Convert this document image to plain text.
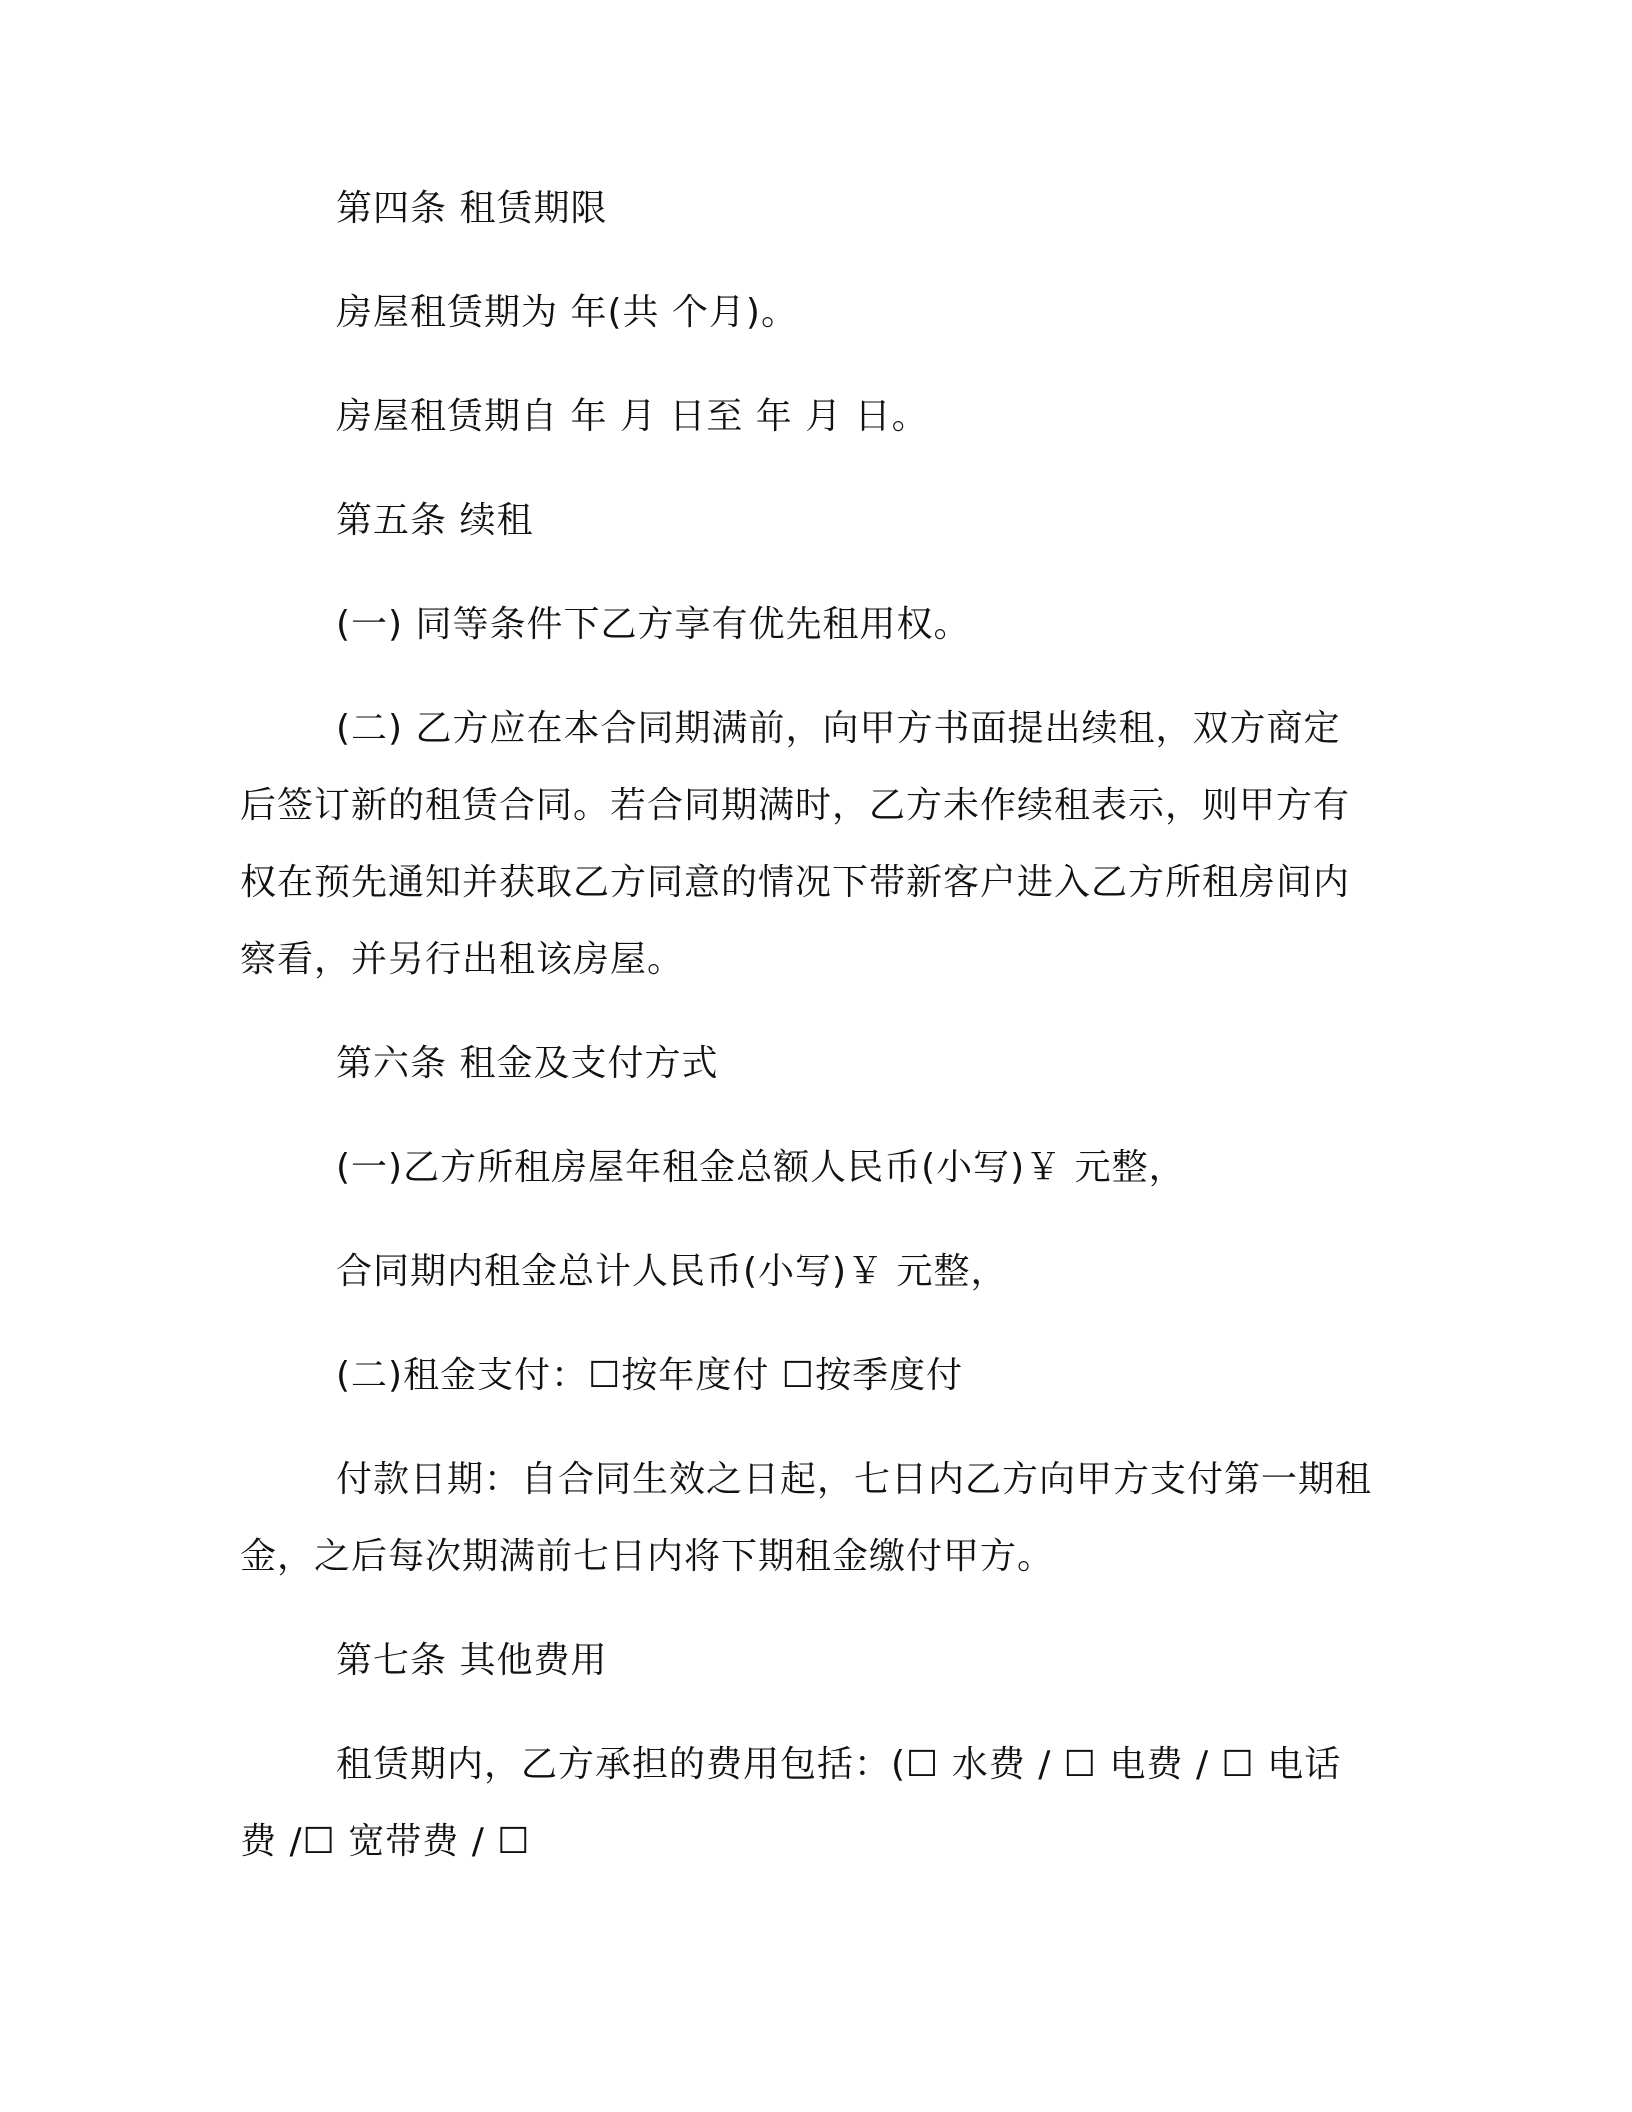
第四条 租赁期限

房屋租赁期为 年(共 个月)。

房屋租赁期自 年 月 日至 年 月 日。

第五条 续租

(一) 同等条件下乙方享有优先租用权。

(二) 乙方应在本合同期满前，向甲方书面提出续租，双方商定后签订新的租赁合同。若合同期满时，乙方未作续租表示，则甲方有权在预先通知并获取乙方同意的情况下带新客户进入乙方所租房间内察看，并另行出租该房屋。

第六条 租金及支付方式

(一)乙方所租房屋年租金总额人民币(小写)￥ 元整，

合同期内租金总计人民币(小写)￥ 元整，

(二)租金支付：☐按年度付 ☐按季度付

付款日期：自合同生效之日起，七日内乙方向甲方支付第一期租金，之后每次期满前七日内将下期租金缴付甲方。

第七条 其他费用

租赁期内，乙方承担的费用包括：(☐ 水费 / ☐ 电费 / ☐ 电话费 /☐ 宽带费 / ☐
